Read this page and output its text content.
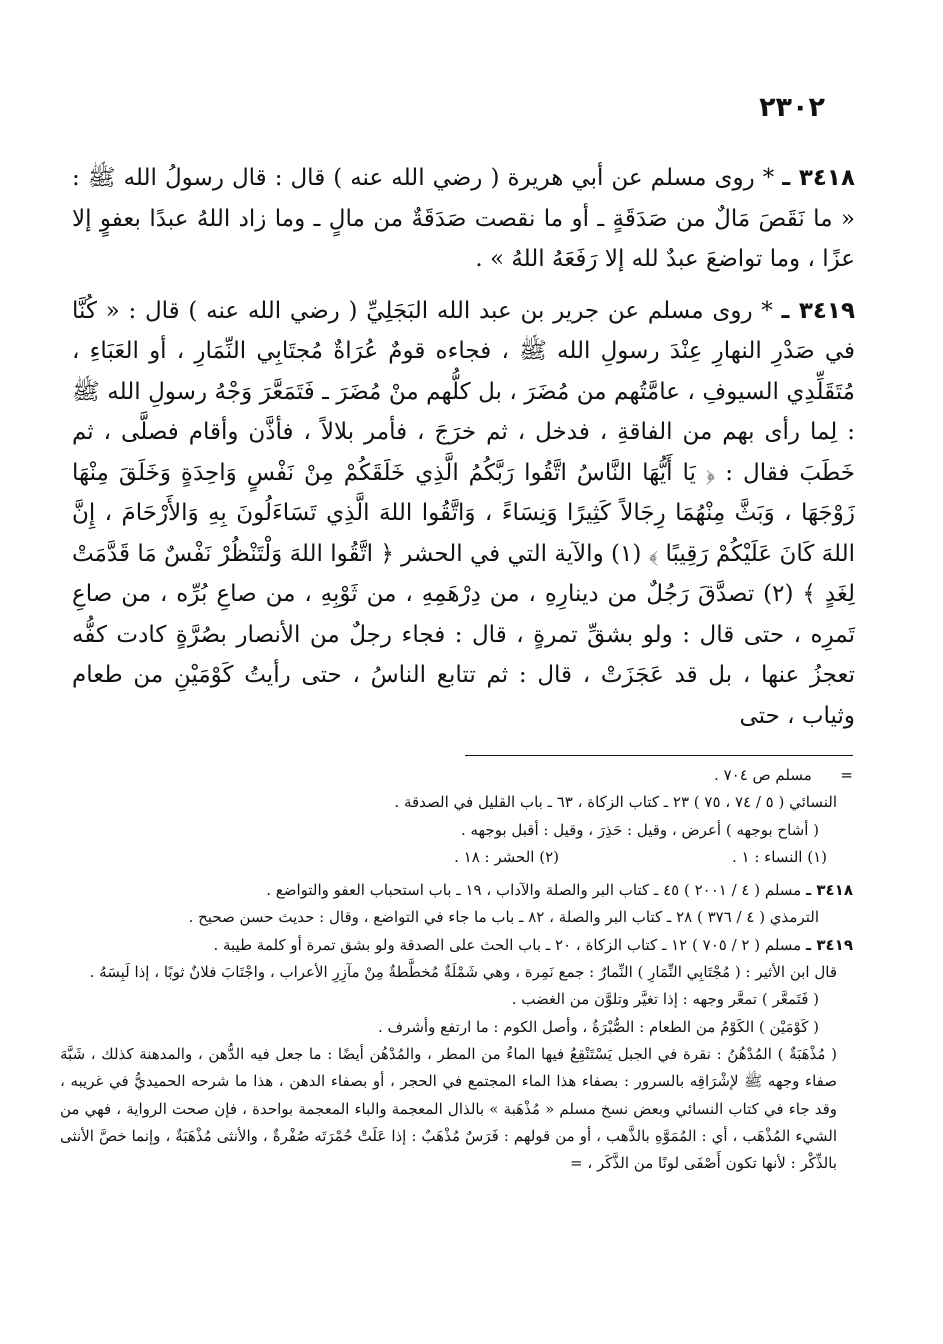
٢٣٠٢

٣٤١٨ ـ * روى مسلم عن أبي هريرة ( رضي الله عنه ) قال : قال رسولُ الله ﷺ : « ما نَقَصَ مَالٌ من صَدَقَةٍ ـ أو ما نقصت صَدَقَةٌ من مالٍ ـ وما زاد اللهُ عبدًا بعفوٍ إلا عزًا ، وما تواضعَ عبدٌ لله إلا رَفَعَهُ اللهُ » .

٣٤١٩ ـ * روى مسلم عن جرير بن عبد الله البَجَلِيِّ ( رضي الله عنه ) قال : « كُنَّا في صَدْرِ النهارِ عِنْدَ رسولِ الله ﷺ ، فجاءه قومٌ عُرَاةٌ مُجتَابِي النِّمَارِ ، أو العَبَاءِ ، مُتَقَلِّدِي السيوفِ ، عامَّتُهم من مُضَرَ ، بل كلُّهم منْ مُضَرَ ـ فَتَمَعَّرَ وَجْهُ رسولِ الله ﷺ : لِما رأى بهم من الفاقةِ ، فدخل ، ثم خرَجَ ، فأمر بلالاً ، فأذَّن وأقام فصلَّى ، ثم خَطَبَ فقال : ﴿ يَا أَيُّهَا النَّاسُ اتَّقُوا رَبَّكُمُ الَّذِي خَلَقَكُمْ مِنْ نَفْسٍ وَاحِدَةٍ وَخَلَقَ مِنْهَا زَوْجَهَا ، وَبَثَّ مِنْهُمَا رِجَالاً كَثِيرًا وَنِسَاءً ، وَاتَّقُوا اللهَ الَّذِي تَسَاءَلُونَ بِهِ وَالأَرْحَامَ ، إِنَّ اللهَ كَانَ عَلَيْكُمْ رَقِيبًا ﴾ (١) والآية التي في الحشر ﴿ اتَّقُوا اللهَ وَلْتَنْظُرْ نَفْسٌ مَا قَدَّمَتْ لِغَدٍ ﴾ (٢) تصدَّقَ رَجُلٌ من دينارِهِ ، من دِرْهَمِهِ ، من ثَوْبِهِ ، من صاعِ بُرِّه ، من صاعِ تَمرِه ، حتى قال : ولو بشقِّ تمرةٍ ، قال : فجاء رجلٌ من الأنصار بصُرَّةٍ كادت كفُّه تعجزُ عنها ، بل قد عَجَزَتْ ، قال : ثم تتابع الناسُ ، حتى رأيتُ كَوْمَيْنِ من طعام وثياب ، حتى

=      مسلم ص ٧٠٤ .

النسائي ( ٥ / ٧٤ ، ٧٥ ) ٢٣ ـ كتاب الزكاة ، ٦٣ ـ باب القليل في الصدقة .

( أشاح بوجهه ) أعرض ، وقيل : حَذِرَ ، وقيل : أقبل بوجهه .

(١) النساء : ١ .
(٢) الحشر : ١٨ .

٣٤١٨ ـ مسلم ( ٤ / ٢٠٠١ ) ٤٥ ـ كتاب البر والصلة والآداب ، ١٩ ـ باب استحباب العفو والتواضع .

الترمذي ( ٤ / ٣٧٦ ) ٢٨ ـ كتاب البر والصلة ، ٨٢ ـ باب ما جاء في التواضع ، وقال : حديث حسن صحيح .

٣٤١٩ ـ مسلم ( ٢ / ٧٠٥ ) ١٢ ـ كتاب الزكاة ، ٢٠ ـ باب الحث على الصدقة ولو بشق تمرة أو كلمة طيبة .

قال ابن الأثير : ( مُجْتَابِي النِّمَارِ ) النِّمارُ : جمع نَمِرة ، وهي شَمْلَةٌ مُخطَّطةٌ مِنْ مآزِرِ الأعراب ، واجْتَابَ فلانٌ ثوبًا ، إذا لَبِسَهُ .

( فَتَمعَّر ) تمعَّر وجهه : إذا تغيَّر وتلوَّن من الغضب .

( كَوْمَيْن ) الكَوْمُ من الطعام : الصُّبْرَةُ ، وأصل الكوم : ما ارتفع وأشرف .

( مُذْهَبَةٌ ) المُدْهُنُ : نقرة في الجبل يَسْتَنْقِعُ فيها الماءُ من المطر ، والمُدْهُن أيضًا : ما جعل فيه الدُّهن ، والمدهنة كذلك ، شَبَّهَ صفاء وجهه ﷺ لإشْرَاقِه بالسرور : بصفاء هذا الماء المجتمع في الحجر ، أو بصفاء الدهن ، هذا ما شرحه الحميديُّ في غريبه ، وقد جاء في كتاب النسائي وبعض نسخ مسلم « مُذْهَبة » بالذال المعجمة والباء المعجمة بواحدة ، فإن صحت الرواية ، فهي من الشيء المُذْهَب ، أي : المُمَوَّهِ بالذَّهب ، أو من قولهم : فَرَسٌ مُذْهَبٌ : إذا عَلَتْ حُمْرَتَه صُفْرةٌ ، والأنثى مُذْهَبَةٌ ، وإنما خصَّ الأنثى بالذِّكْر : لأنها تكون أَصْفَى لونًا من الذَّكَر ، =
